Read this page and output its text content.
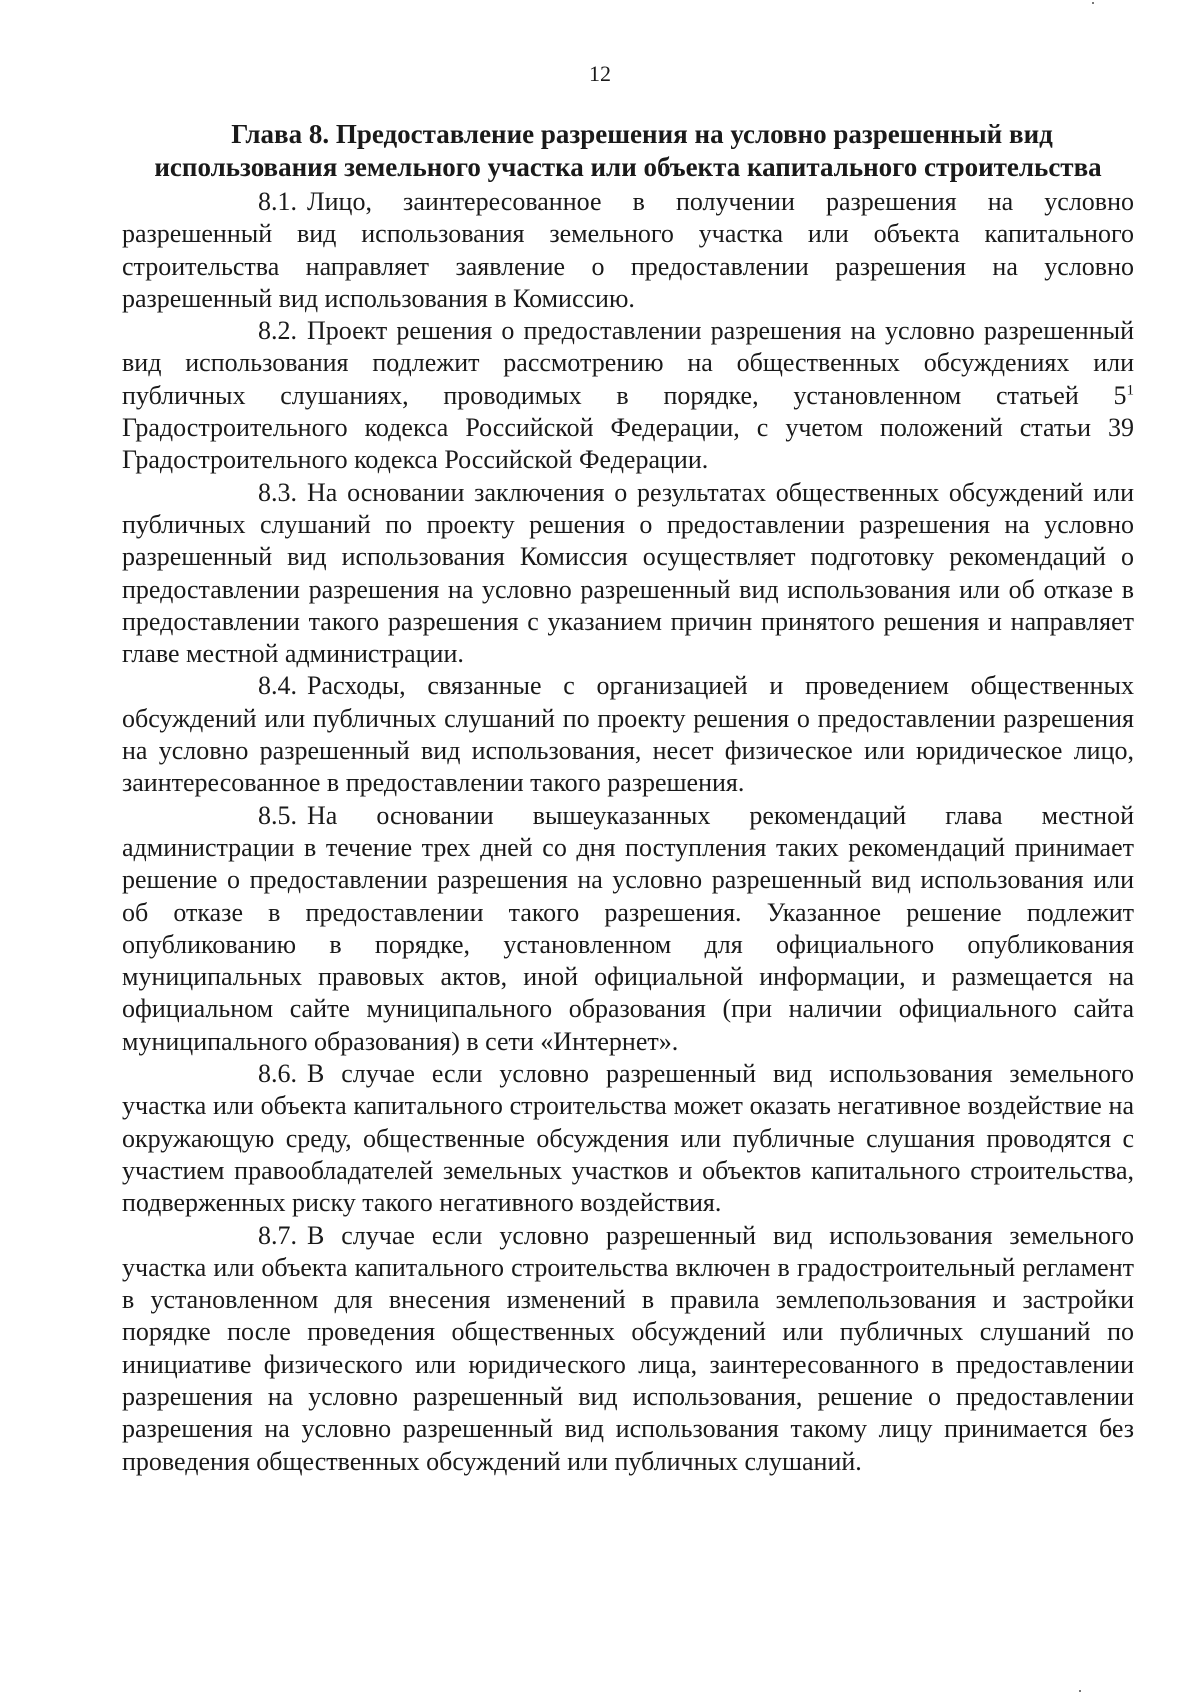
12
Глава 8. Предоставление разрешения на условно разрешенный вид
использования земельного участка или объекта капитального строительства

8.1. Лицо, заинтересованное в получении разрешения на условно разрешенный вид использования земельного участка или объекта капитального строительства направляет заявление о предоставлении разрешения на условно разрешенный вид использования в Комиссию.

8.2. Проект решения о предоставлении разрешения на условно разрешенный вид использования подлежит рассмотрению на общественных обсуждениях или публичных слушаниях, проводимых в порядке, установленном статьей $5^1$ Градостроительного кодекса Российской Федерации, с учетом положений статьи 39 Градостроительного кодекса Российской Федерации.

8.3. На основании заключения о результатах общественных обсуждений или публичных слушаний по проекту решения о предоставлении разрешения на условно разрешенный вид использования Комиссия осуществляет подготовку рекомендаций о предоставлении разрешения на условно разрешенный вид использования или об отказе в предоставлении такого разрешения с указанием причин принятого решения и направляет главе местной администрации.

8.4. Расходы, связанные с организацией и проведением общественных обсуждений или публичных слушаний по проекту решения о предоставлении разрешения на условно разрешенный вид использования, несет физическое или юридическое лицо, заинтересованное в предоставлении такого разрешения.

8.5. На основании вышеуказанных рекомендаций глава местной администрации в течение трех дней со дня поступления таких рекомендаций принимает решение о предоставлении разрешения на условно разрешенный вид использования или об отказе в предоставлении такого разрешения. Указанное решение подлежит опубликованию в порядке, установленном для официального опубликования муниципальных правовых актов, иной официальной информации, и размещается на официальном сайте муниципального образования (при наличии официального сайта муниципального образования) в сети «Интернет».

8.6. В случае если условно разрешенный вид использования земельного участка или объекта капитального строительства может оказать негативное воздействие на окружающую среду, общественные обсуждения или публичные слушания проводятся с участием правообладателей земельных участков и объектов капитального строительства, подверженных риску такого негативного воздействия.

8.7. В случае если условно разрешенный вид использования земельного участка или объекта капитального строительства включен в градостроительный регламент в установленном для внесения изменений в правила землепользования и застройки порядке после проведения общественных обсуждений или публичных слушаний по инициативе физического или юридического лица, заинтересованного в предоставлении разрешения на условно разрешенный вид использования, решение о предоставлении разрешения на условно разрешенный вид использования такому лицу принимается без проведения общественных обсуждений или публичных слушаний.
